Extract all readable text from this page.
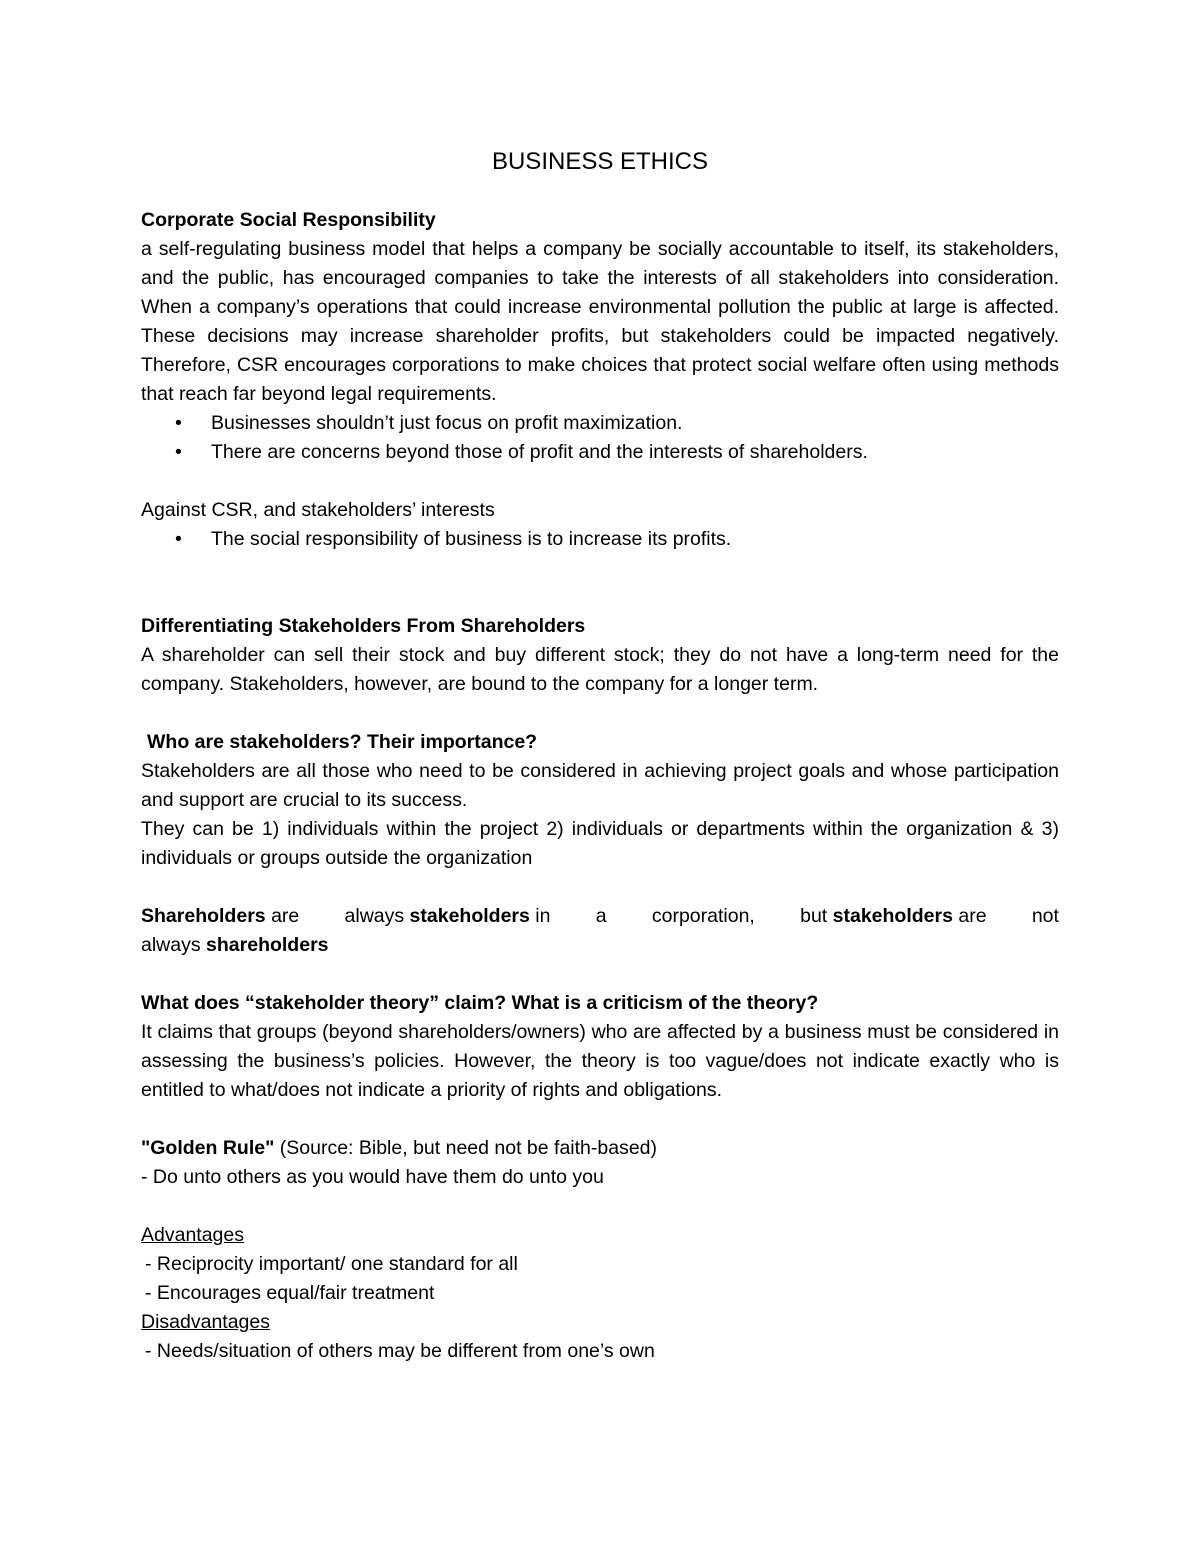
BUSINESS ETHICS

Corporate Social Responsibility

a self-regulating business model that helps a company be socially accountable to itself, its stakeholders, and the public, has encouraged companies to take the interests of all stakeholders into consideration. When a company’s operations that could increase environmental pollution the public at large is affected. These decisions may increase shareholder profits, but stakeholders could be impacted negatively. Therefore, CSR encourages corporations to make choices that protect social welfare often using methods that reach far beyond legal requirements.

• Businesses shouldn’t just focus on profit maximization.
• There are concerns beyond those of profit and the interests of shareholders.

Against CSR, and stakeholders’ interests

• The social responsibility of business is to increase its profits.

Differentiating Stakeholders From Shareholders

A shareholder can sell their stock and buy different stock; they do not have a long-term need for the company. Stakeholders, however, are bound to the company for a longer term.

Who are stakeholders? Their importance?

Stakeholders are all those who need to be considered in achieving project goals and whose participation and support are crucial to its success.

They can be 1) individuals within the project 2) individuals or departments within the organization & 3) individuals or groups outside the organization

Shareholders are always stakeholders in a corporation, but stakeholders are not

always shareholders

What does “stakeholder theory” claim? What is a criticism of the theory?

It claims that groups (beyond shareholders/owners) who are affected by a business must be considered in assessing the business’s policies. However, the theory is too vague/does not indicate exactly who is entitled to what/does not indicate a priority of rights and obligations.

"Golden Rule" (Source: Bible, but need not be faith-based)

- Do unto others as you would have them do unto you

Advantages

- Reciprocity important/ one standard for all

- Encourages equal/fair treatment

Disadvantages

- Needs/situation of others may be different from one’s own
